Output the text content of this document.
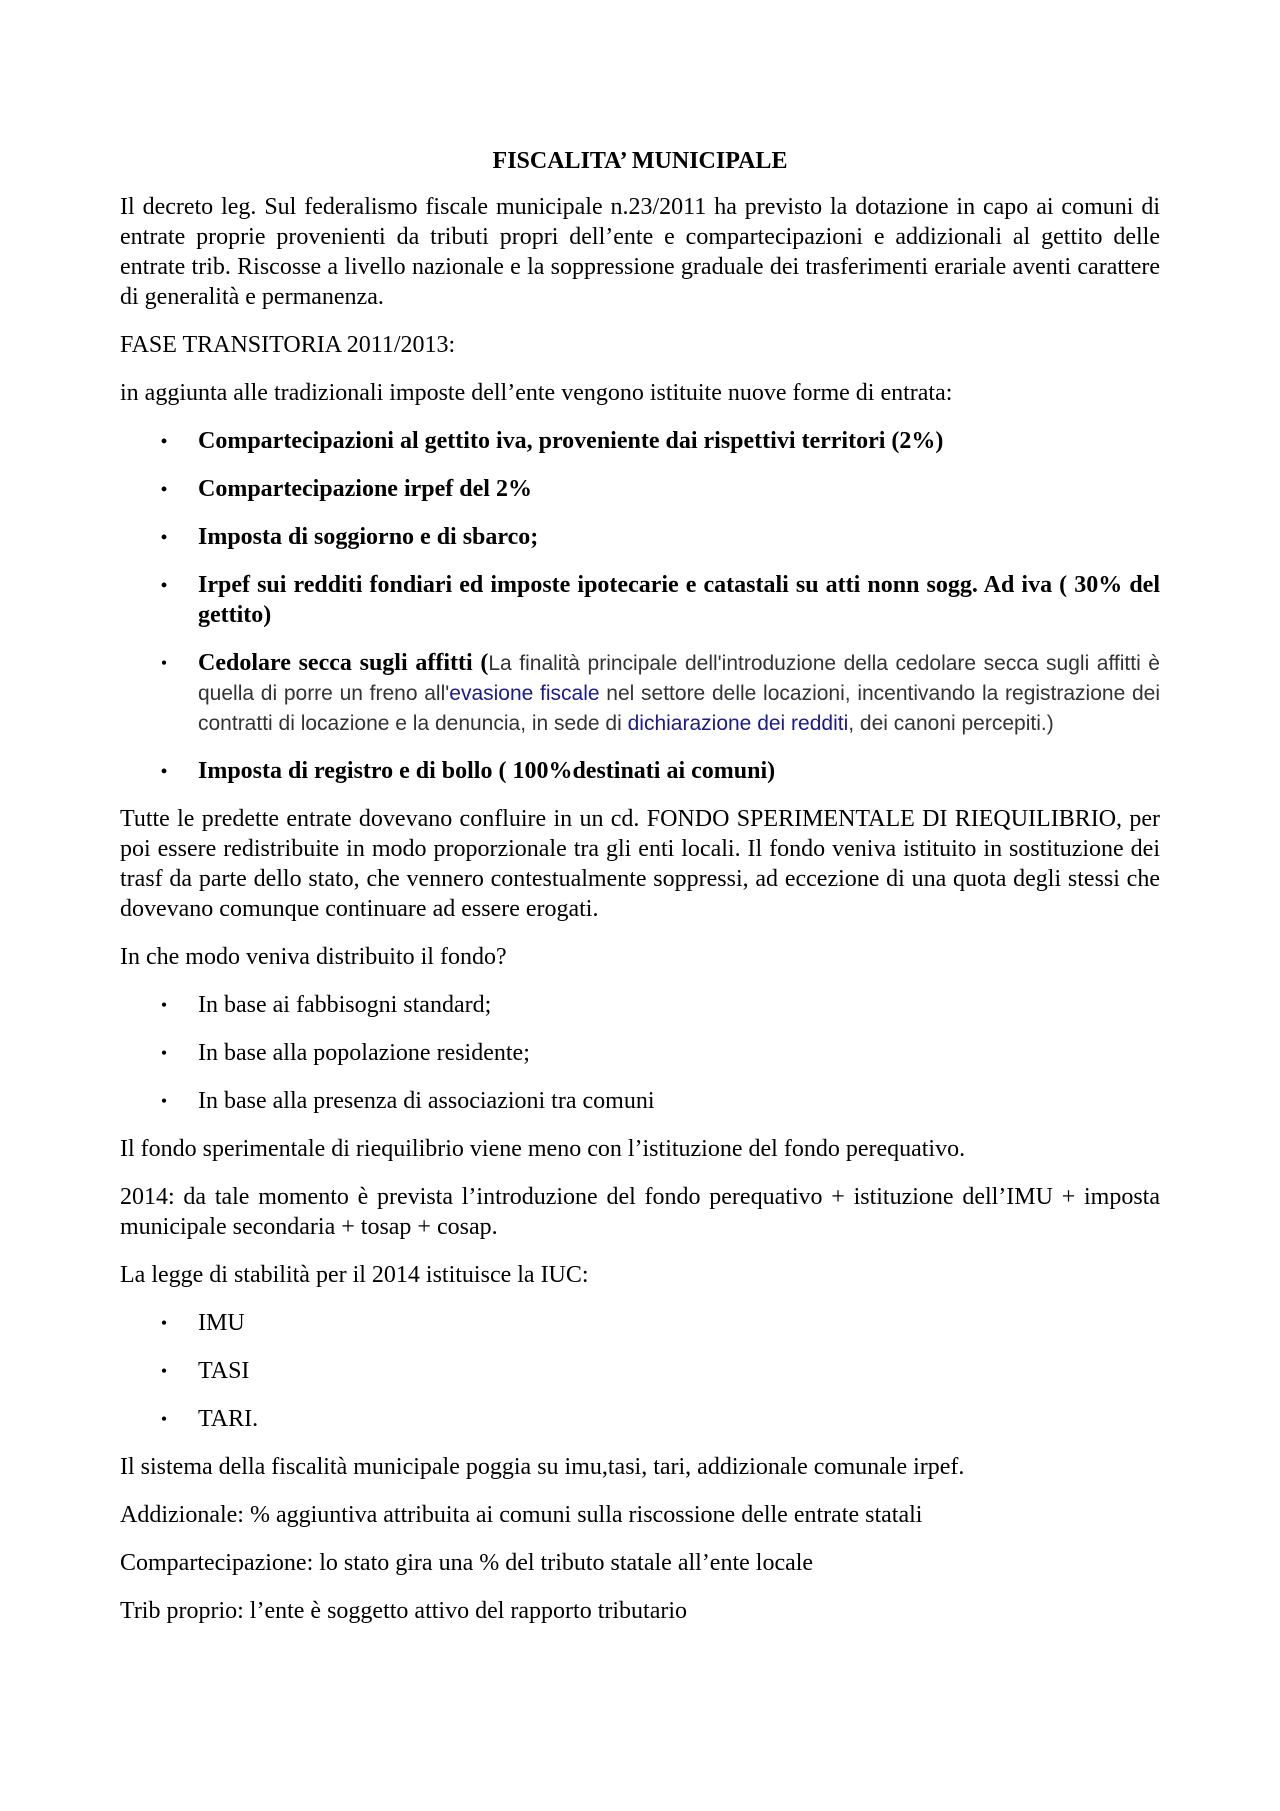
FISCALITA’ MUNICIPALE

Il decreto leg. Sul federalismo fiscale municipale n.23/2011 ha previsto la dotazione in capo ai comuni di entrate proprie provenienti da tributi propri dell’ente e compartecipazioni e addizionali al gettito delle entrate trib. Riscosse a livello nazionale e la soppressione graduale dei trasferimenti erariale aventi carattere di generalità e permanenza.

FASE TRANSITORIA 2011/2013:

in aggiunta alle tradizionali imposte dell’ente vengono istituite nuove forme di entrata:

• Compartecipazioni al gettito iva, proveniente dai rispettivi territori (2%)
• Compartecipazione irpef del 2%
• Imposta di soggiorno e di sbarco;
• Irpef sui redditi fondiari ed imposte ipotecarie e catastali su atti nonn sogg. Ad iva ( 30% del gettito)
• Cedolare secca sugli affitti (La finalità principale dell'introduzione della cedolare secca sugli affitti è quella di porre un freno all'evasione fiscale nel settore delle locazioni, incentivando la registrazione dei contratti di locazione e la denuncia, in sede di dichiarazione dei redditi, dei canoni percepiti.)
• Imposta di registro e di bollo ( 100%destinati ai comuni)

Tutte le predette entrate dovevano confluire in un cd. FONDO SPERIMENTALE DI RIEQUILIBRIO, per poi essere redistribuite in modo proporzionale tra gli enti locali. Il fondo veniva istituito in sostituzione dei trasf da parte dello stato, che vennero contestualmente soppressi, ad eccezione di una quota degli stessi che dovevano comunque continuare ad essere erogati.

In che modo veniva distribuito il fondo?

• In base ai fabbisogni standard;
• In base alla popolazione residente;
• In base alla presenza di associazioni tra comuni

Il fondo sperimentale di riequilibrio viene meno con l’istituzione del fondo perequativo.

2014: da tale momento è prevista l’introduzione del fondo perequativo + istituzione dell’IMU + imposta municipale secondaria + tosap + cosap.

La legge di stabilità per il 2014 istituisce la IUC:

• IMU
• TASI
• TARI.

Il sistema della fiscalità municipale poggia su imu,tasi, tari, addizionale comunale irpef.

Addizionale: % aggiuntiva attribuita ai comuni sulla riscossione delle entrate statali

Compartecipazione: lo stato gira una % del tributo statale all’ente locale

Trib proprio: l’ente è soggetto attivo del rapporto tributario
